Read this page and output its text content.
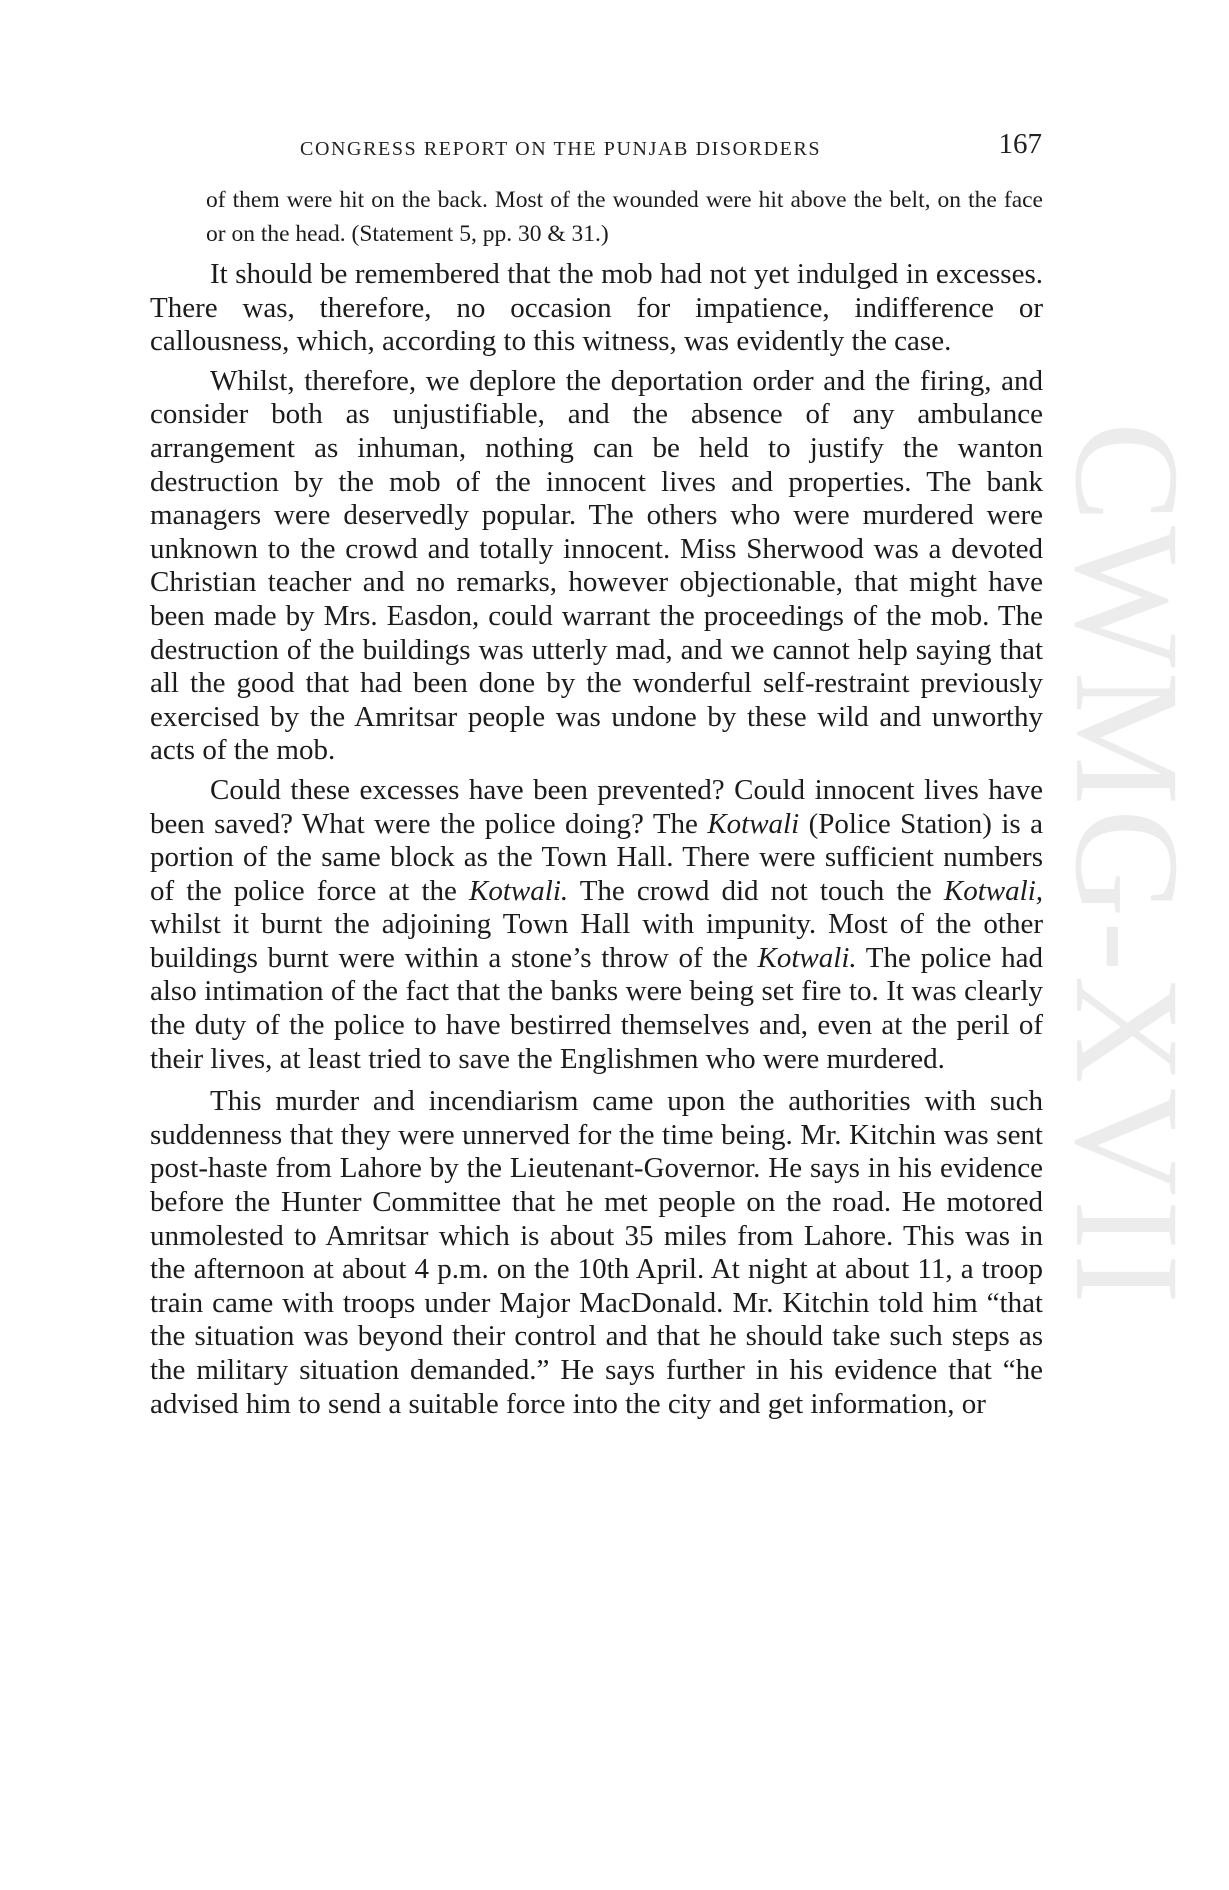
CWMG-XVII
CONGRESS REPORT ON THE PUNJAB DISORDERS	167

of them were hit on the back. Most of the wounded were hit above the belt, on the face or on the head. (Statement 5, pp. 30 & 31.)

It should be remembered that the mob had not yet indulged in excesses. There was, therefore, no occasion for impatience, indifference or callousness, which, according to this witness, was evidently the case.

Whilst, therefore, we deplore the deportation order and the firing, and consider both as unjustifiable, and the absence of any ambulance arrangement as inhuman, nothing can be held to justify the wanton destruction by the mob of the innocent lives and properties. The bank managers were deservedly popular. The others who were murdered were unknown to the crowd and totally innocent. Miss Sherwood was a devoted Christian teacher and no remarks, however objectionable, that might have been made by Mrs. Easdon, could warrant the proceedings of the mob. The destruction of the buildings was utterly mad, and we cannot help saying that all the good that had been done by the wonderful self-restraint previously exercised by the Amritsar people was undone by these wild and unworthy acts of the mob.

Could these excesses have been prevented? Could innocent lives have been saved? What were the police doing? The Kotwali (Police Station) is a portion of the same block as the Town Hall. There were sufficient numbers of the police force at the Kotwali. The crowd did not touch the Kotwali, whilst it burnt the adjoining Town Hall with impunity. Most of the other buildings burnt were within a stone’s throw of the Kotwali. The police had also intimation of the fact that the banks were being set fire to. It was clearly the duty of the police to have bestirred themselves and, even at the peril of their lives, at least tried to save the Englishmen who were murdered.

This murder and incendiarism came upon the authorities with such suddenness that they were unnerved for the time being. Mr. Kitchin was sent post-haste from Lahore by the Lieutenant-Governor. He says in his evidence before the Hunter Committee that he met people on the road. He motored unmolested to Amritsar which is about 35 miles from Lahore. This was in the afternoon at about 4 p.m. on the 10th April. At night at about 11, a troop train came with troops under Major MacDonald. Mr. Kitchin told him “that the situation was beyond their control and that he should take such steps as the military situation demanded.” He says further in his evidence that “he advised him to send a suitable force into the city and get information, or
